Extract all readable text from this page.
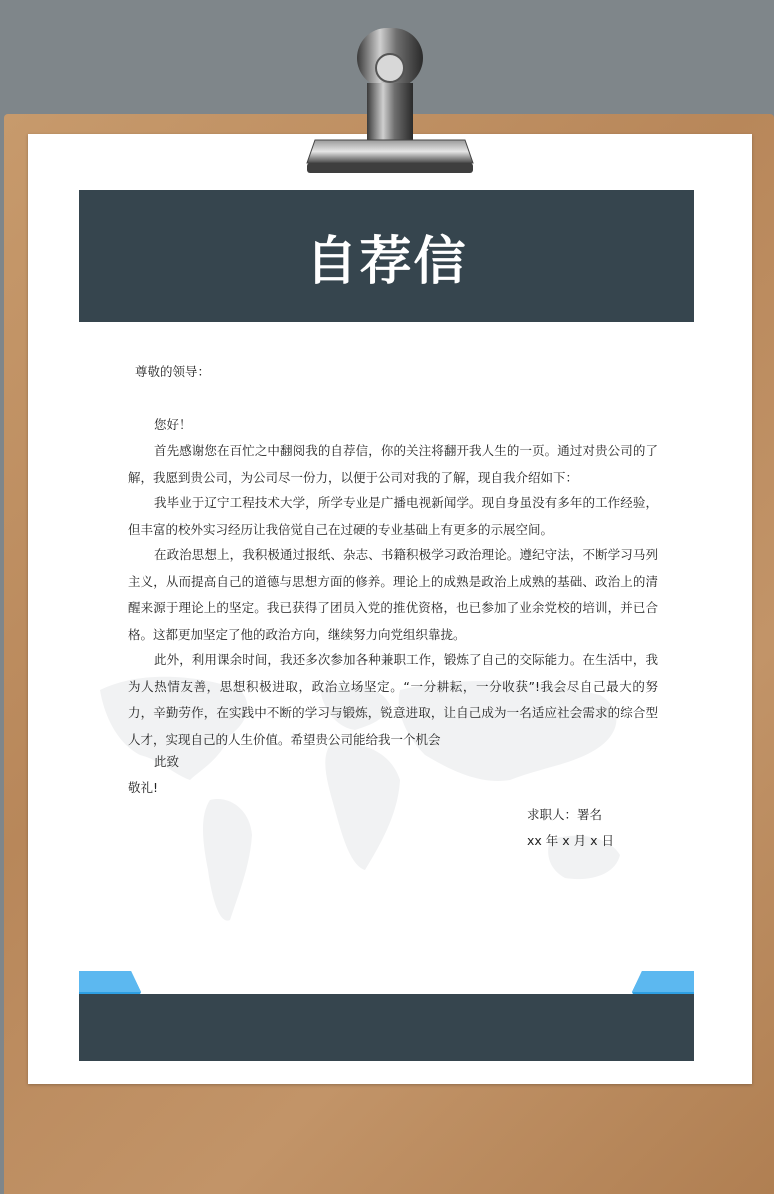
自荐信
尊敬的领导：
您好！
首先感谢您在百忙之中翻阅我的自荐信，你的关注将翻开我人生的一页。通过对贵公司的了解，我愿到贵公司，为公司尽一份力，以便于公司对我的了解，现自我介绍如下：
我毕业于辽宁工程技术大学，所学专业是广播电视新闻学。现自身虽没有多年的工作经验，但丰富的校外实习经历让我倍觉自己在过硬的专业基础上有更多的示展空间。
在政治思想上，我积极通过报纸、杂志、书籍积极学习政治理论。遵纪守法，不断学习马列主义，从而提高自己的道德与思想方面的修养。理论上的成熟是政治上成熟的基础、政治上的清醒来源于理论上的坚定。我已获得了团员入党的推优资格，也已参加了业余党校的培训，并已合格。这都更加坚定了他的政治方向，继续努力向党组织靠拢。
此外，利用课余时间，我还多次参加各种兼职工作，锻炼了自己的交际能力。在生活中，我为人热情友善，思想积极进取，政治立场坚定。“一分耕耘，一分收获”!我会尽自己最大的努力，辛勤劳作，在实践中不断的学习与锻炼，锐意进取，让自己成为一名适应社会需求的综合型人才，实现自己的人生价值。希望贵公司能给我一个机会
此致
敬礼!
求职人：署名
xx 年 x 月 x 日
